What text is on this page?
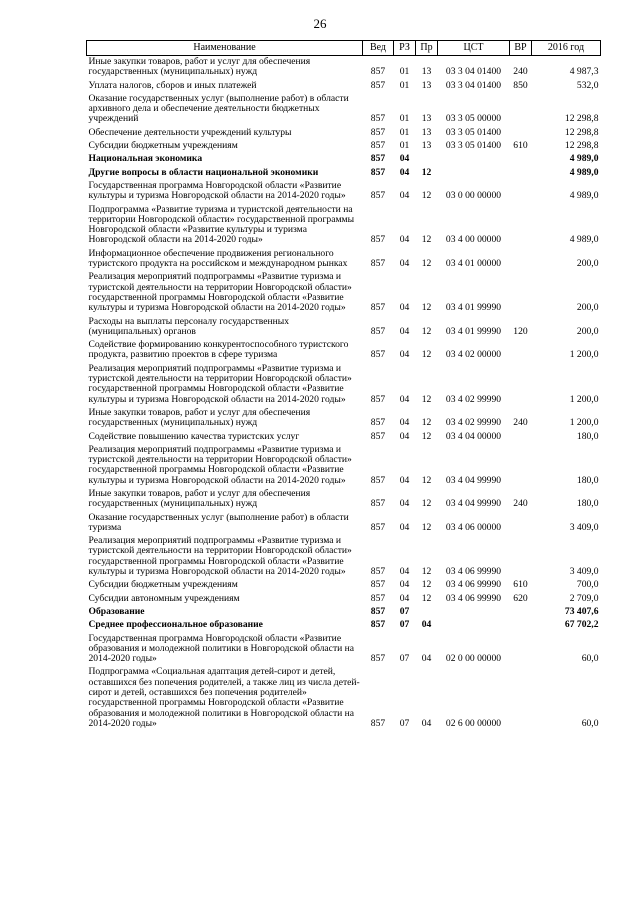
26
Наименование	Вед	РЗ	Пр	ЦСТ	ВР	2016 год
Иные закупки товаров, работ и услуг для обеспечения государственных (муниципальных) нужд	857	01	13	03 3 04 01400	240	4 987,3
Уплата налогов, сборов и иных платежей	857	01	13	03 3 04 01400	850	532,0
Оказание государственных услуг (выполнение работ) в области архивного дела и обеспечение деятельности бюджетных учреждений	857	01	13	03 3 05 00000		12 298,8
Обеспечение деятельности учреждений культуры	857	01	13	03 3 05 01400		12 298,8
Субсидии бюджетным учреждениям	857	01	13	03 3 05 01400	610	12 298,8
Национальная экономика	857	04				4 989,0
Другие вопросы в области национальной экономики	857	04	12			4 989,0
Государственная программа Новгородской области «Развитие культуры и туризма Новгородской области на 2014-2020 годы»	857	04	12	03 0 00 00000		4 989,0
Подпрограмма «Развитие туризма и туристской деятельности на территории Новгородской области» государственной программы Новгородской области «Развитие культуры и туризма Новгородской области на 2014-2020 годы»	857	04	12	03 4 00 00000		4 989,0
Информационное обеспечение продвижения регионального туристского продукта на российском и международном рынках	857	04	12	03 4 01 00000		200,0
Реализация мероприятий подпрограммы «Развитие туризма и туристской деятельности на территории Новгородской области» государственной программы Новгородской области «Развитие культуры и туризма Новгородской области на 2014-2020 годы»	857	04	12	03 4 01 99990		200,0
Расходы на выплаты персоналу государственных (муниципальных) органов	857	04	12	03 4 01 99990	120	200,0
Содействие формированию конкурентоспособного туристского продукта, развитию проектов в сфере туризма	857	04	12	03 4 02 00000		1 200,0
Реализация мероприятий подпрограммы «Развитие туризма и туристской деятельности на территории Новгородской области» государственной программы Новгородской области «Развитие культуры и туризма Новгородской области на 2014-2020 годы»	857	04	12	03 4 02 99990		1 200,0
Иные закупки товаров, работ и услуг для обеспечения государственных (муниципальных) нужд	857	04	12	03 4 02 99990	240	1 200,0
Содействие повышению качества туристских услуг	857	04	12	03 4 04 00000		180,0
Реализация мероприятий подпрограммы «Развитие туризма и туристской деятельности на территории Новгородской области» государственной программы Новгородской области «Развитие культуры и туризма Новгородской области на 2014-2020 годы»	857	04	12	03 4 04 99990		180,0
Иные закупки товаров, работ и услуг для обеспечения государственных (муниципальных) нужд	857	04	12	03 4 04 99990	240	180,0
Оказание государственных услуг (выполнение работ) в области туризма	857	04	12	03 4 06 00000		3 409,0
Реализация мероприятий подпрограммы «Развитие туризма и туристской деятельности на территории Новгородской области» государственной программы Новгородской области «Развитие культуры и туризма Новгородской области на 2014-2020 годы»	857	04	12	03 4 06 99990		3 409,0
Субсидии бюджетным учреждениям	857	04	12	03 4 06 99990	610	700,0
Субсидии автономным учреждениям	857	04	12	03 4 06 99990	620	2 709,0
Образование	857	07				73 407,6
Среднее профессиональное образование	857	07	04			67 702,2
Государственная программа Новгородской области «Развитие образования и молодежной политики в Новгородской области на 2014-2020 годы»	857	07	04	02 0 00 00000		60,0
Подпрограмма «Социальная адаптация детей-сирот и детей, оставшихся без попечения родителей, а также лиц из числа детей-сирот и детей, оставшихся без попечения родителей» государственной программы Новгородской области «Развитие образования и молодежной политики в Новгородской области на 2014-2020 годы»	857	07	04	02 6 00 00000		60,0
